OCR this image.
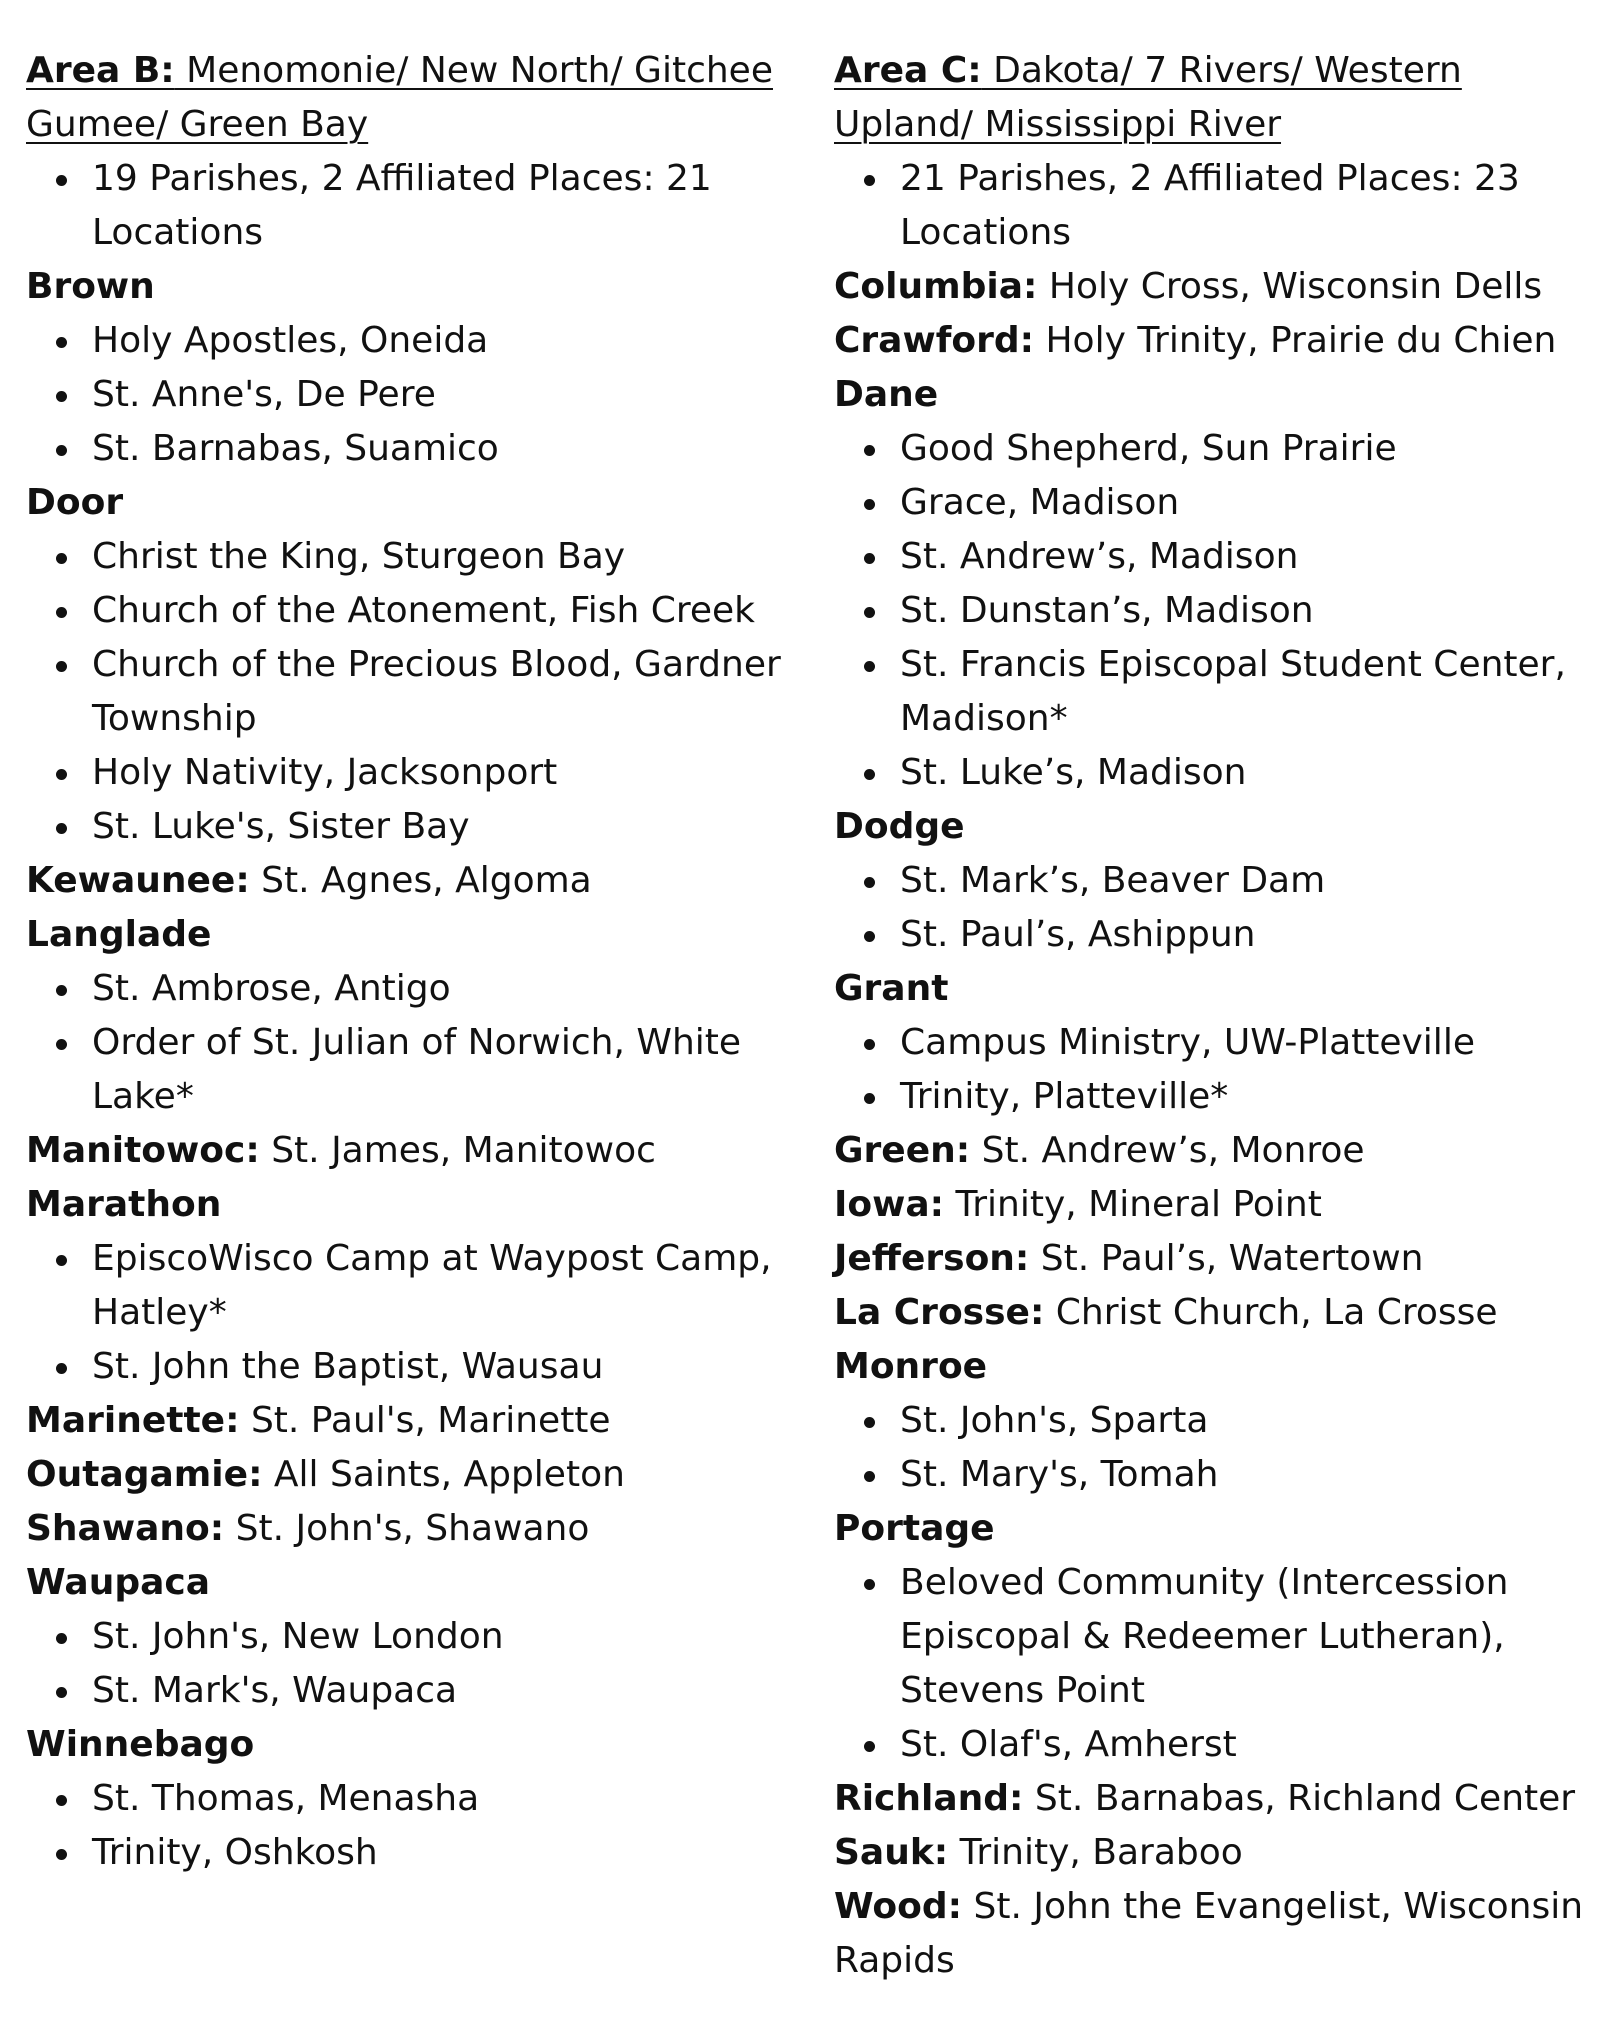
Area B: Menomonie/ New North/ Gitchee Gumee/ Green Bay

19 Parishes, 2 Affiliated Places: 21 Locations

Brown

Holy Apostles, Oneida
St. Anne's, De Pere
St. Barnabas, Suamico

Door

Christ the King, Sturgeon Bay
Church of the Atonement, Fish Creek
Church of the Precious Blood, Gardner Township
Holy Nativity, Jacksonport
St. Luke's, Sister Bay

Kewaunee: St. Agnes, Algoma

Langlade

St. Ambrose, Antigo
Order of St. Julian of Norwich, White Lake*

Manitowoc: St. James, Manitowoc

Marathon

EpiscoWisco Camp at Waypost Camp, Hatley*
St. John the Baptist, Wausau

Marinette: St. Paul's, Marinette

Outagamie: All Saints, Appleton

Shawano: St. John's, Shawano

Waupaca

St. John's, New London
St. Mark's, Waupaca

Winnebago

St. Thomas, Menasha
Trinity, Oshkosh

Area C: Dakota/ 7 Rivers/ Western Upland/ Mississippi River

21 Parishes, 2 Affiliated Places: 23 Locations

Columbia: Holy Cross, Wisconsin Dells

Crawford: Holy Trinity, Prairie du Chien

Dane

Good Shepherd, Sun Prairie
Grace, Madison
St. Andrew’s, Madison
St. Dunstan’s, Madison
St. Francis Episcopal Student Center, Madison*
St. Luke’s, Madison

Dodge

St. Mark’s, Beaver Dam
St. Paul’s, Ashippun

Grant

Campus Ministry, UW-Platteville
Trinity, Platteville*

Green: St. Andrew’s, Monroe

Iowa: Trinity, Mineral Point

Jefferson: St. Paul’s, Watertown

La Crosse: Christ Church, La Crosse

Monroe

St. John's, Sparta
St. Mary's, Tomah

Portage

Beloved Community (Intercession Episcopal & Redeemer Lutheran), Stevens Point
St. Olaf's, Amherst

Richland: St. Barnabas, Richland Center

Sauk: Trinity, Baraboo

Wood: St. John the Evangelist, Wisconsin Rapids
